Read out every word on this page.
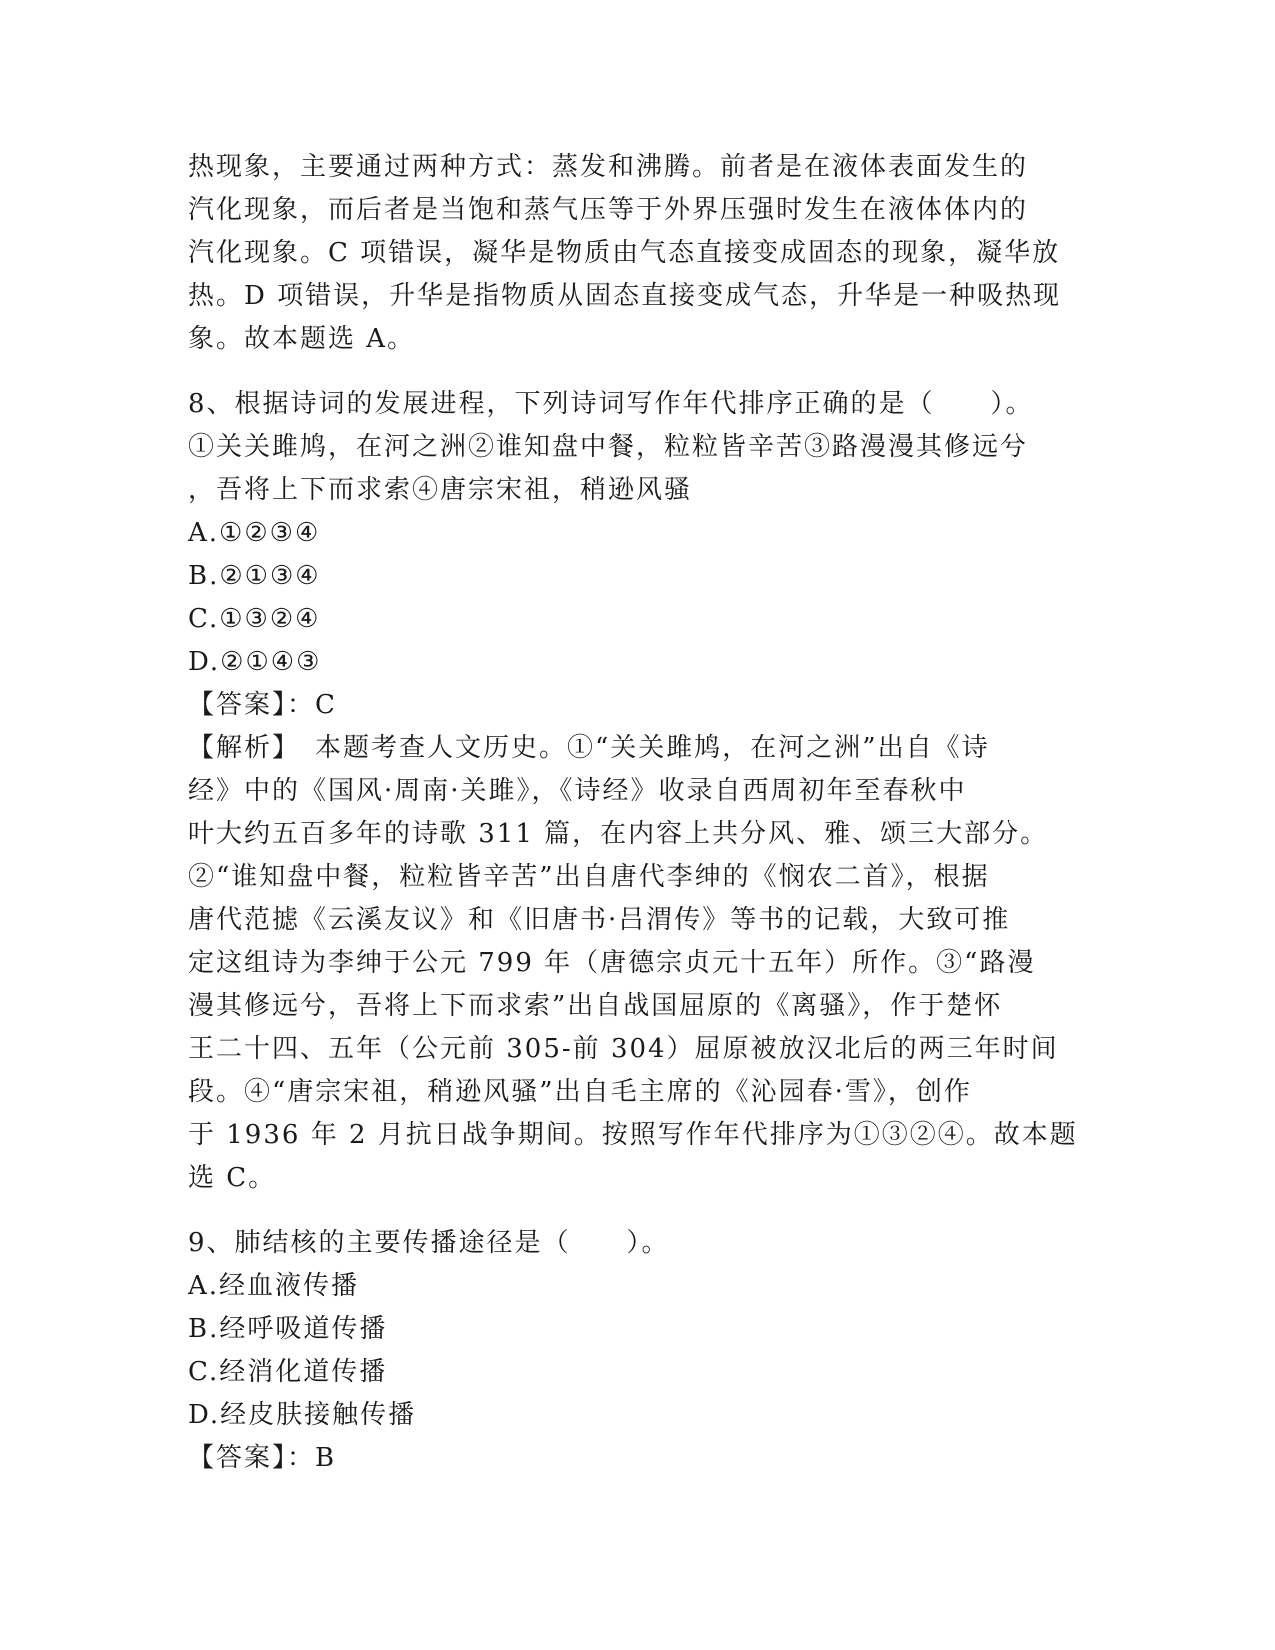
热现象，主要通过两种方式：蒸发和沸腾。前者是在液体表面发生的
汽化现象，而后者是当饱和蒸气压等于外界压强时发生在液体体内的
汽化现象。C 项错误，凝华是物质由气态直接变成固态的现象，凝华放
热。D 项错误，升华是指物质从固态直接变成气态，升华是一种吸热现
象。故本题选 A。
8、根据诗词的发展进程，下列诗词写作年代排序正确的是（　　）。
①关关雎鸠，在河之洲②谁知盘中餐，粒粒皆辛苦③路漫漫其修远兮
，吾将上下而求索④唐宗宋祖，稍逊风骚
A.①②③④
B.②①③④
C.①③②④
D.②①④③
【答案】：C
【解析】　本题考查人文历史。①“关关雎鸠，在河之洲”出自《诗
经》中的《国风·周南·关雎》，《诗经》收录自西周初年至春秋中
叶大约五百多年的诗歌 311 篇，在内容上共分风、雅、颂三大部分。
②“谁知盘中餐，粒粒皆辛苦”出自唐代李绅的《悯农二首》，根据
唐代范摅《云溪友议》和《旧唐书·吕渭传》等书的记载，大致可推
定这组诗为李绅于公元 799 年（唐德宗贞元十五年）所作。③“路漫
漫其修远兮，吾将上下而求索”出自战国屈原的《离骚》，作于楚怀
王二十四、五年（公元前 305-前 304）屈原被放汉北后的两三年时间
段。④“唐宗宋祖，稍逊风骚”出自毛主席的《沁园春·雪》，创作
于 1936 年 2 月抗日战争期间。按照写作年代排序为①③②④。故本题
选 C。
9、肺结核的主要传播途径是（　　）。
A.经血液传播
B.经呼吸道传播
C.经消化道传播
D.经皮肤接触传播
【答案】：B
